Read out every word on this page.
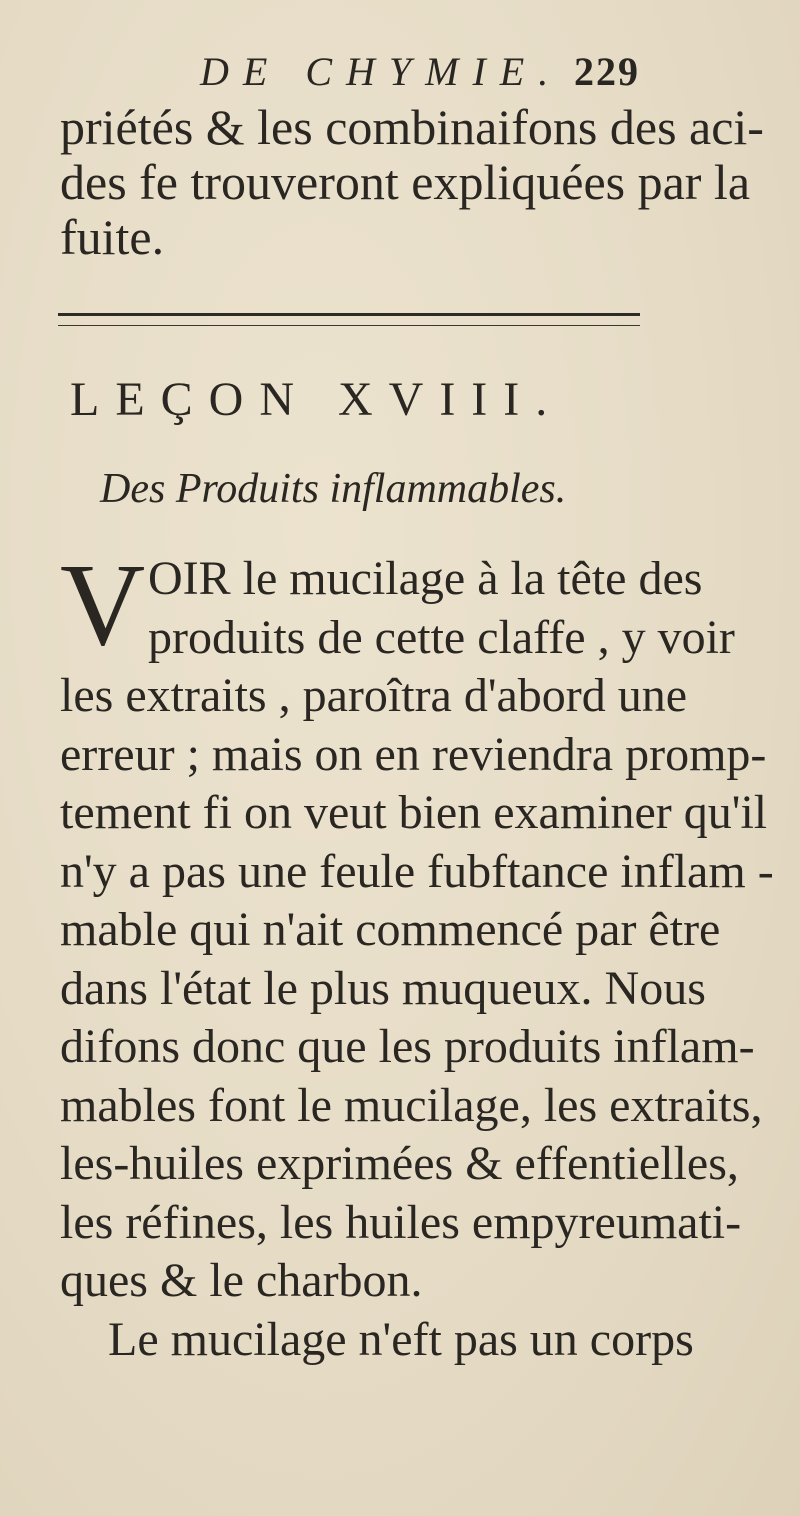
DE CHYMIE. 229
priétés & les combinaifons des aci-
des fe trouveront expliquées par la
fuite.
LEÇON XVIII.
Des Produits inflammables.
V OIR le mucilage à la tête des
produits de cette claffe , y voir
les extraits , paroîtra d'abord une
erreur ; mais on en reviendra promp-
tement fi on veut bien examiner qu'il
n'y a pas une feule fubftance inflam -
mable qui n'ait commencé par être
dans l'état le plus muqueux. Nous
difons donc que les produits inflam-
mables font le mucilage, les extraits,
les-huiles exprimées & effentielles,
les réfines, les huiles empyreumati-
ques & le charbon.
Le mucilage n'eft pas un corps
